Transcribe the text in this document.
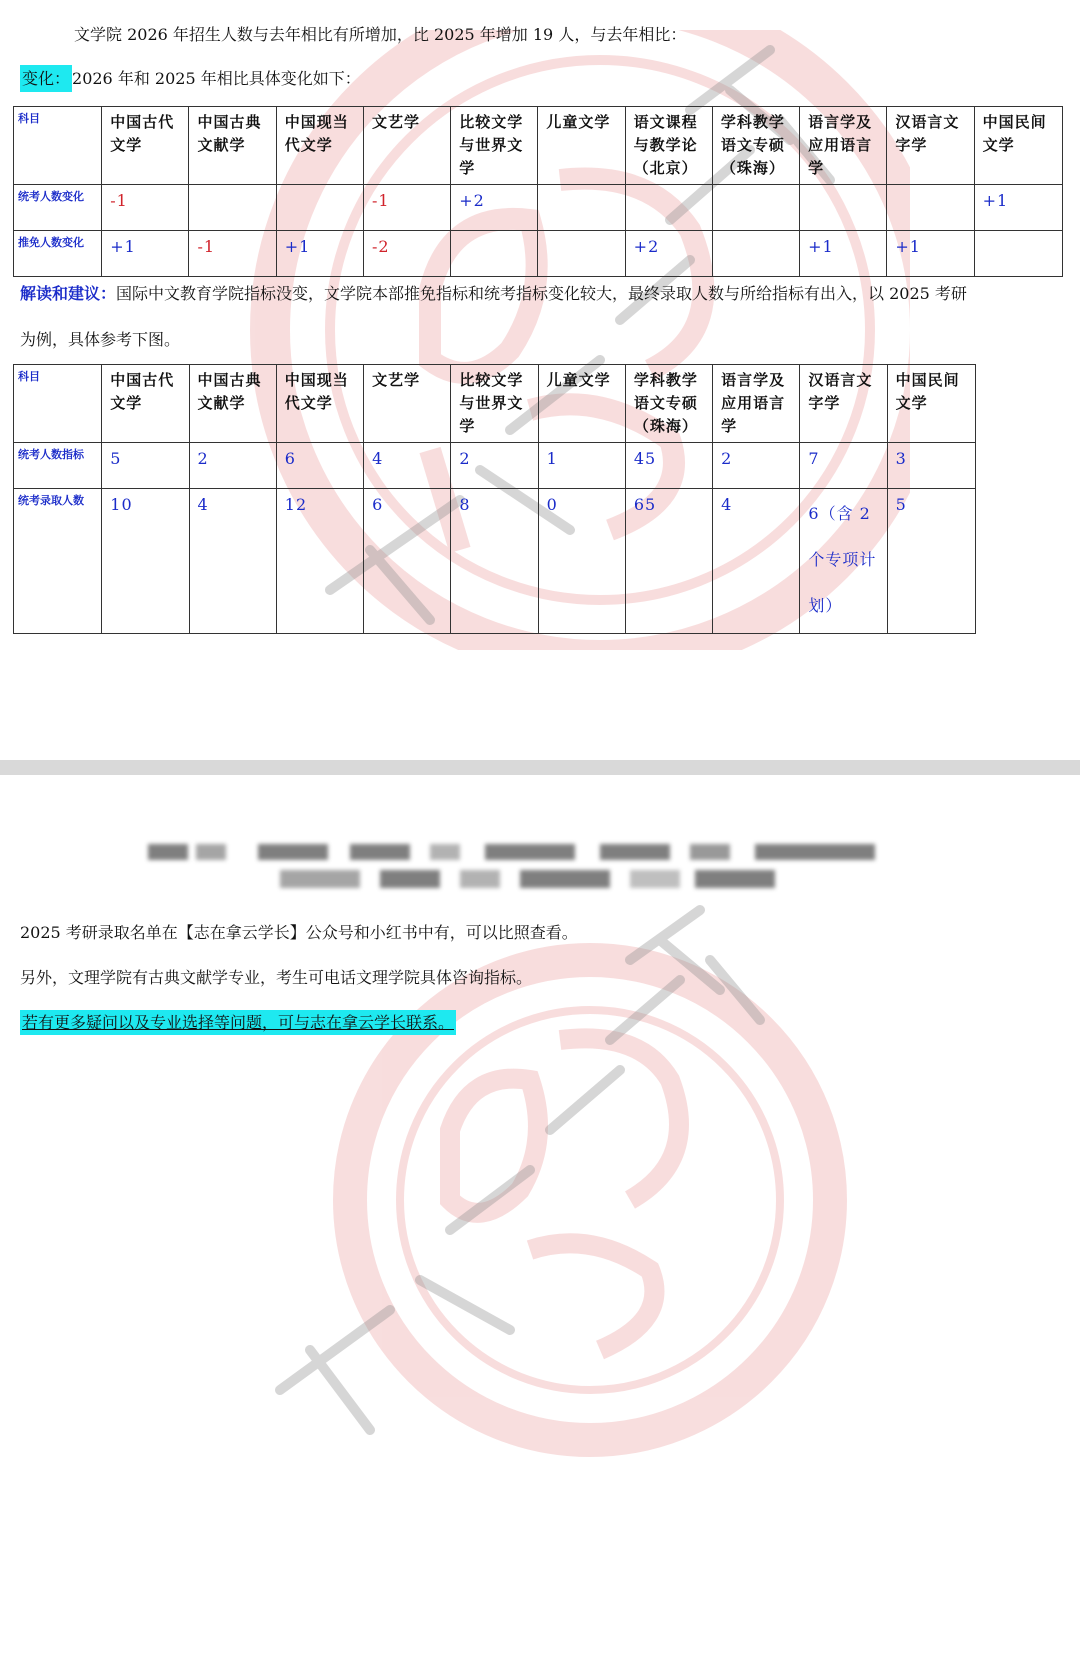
文学院 2026 年招生人数与去年相比有所增加，比 2025 年增加 19 人，与去年相比：
变化： 2026 年和 2025 年相比具体变化如下：
科目	中国古代文学	中国古典文献学	中国现当代文学	文艺学	比较文学与世界文学	儿童文学	语文课程与教学论（北京）	学科教学语文专硕（珠海）	语言学及应用语言学	汉语言文字学	中国民间文学
统考人数变化	-1			-1	+2						+1
推免人数变化	+1	-1	+1	-2			+2		+1	+1	
解读和建议：国际中文教育学院指标没变，文学院本部推免指标和统考指标变化较大，最终录取人数与所给指标有出入，以 2025 考研
为例，具体参考下图。
科目	中国古代文学	中国古典文献学	中国现当代文学	文艺学	比较文学与世界文学	儿童文学	学科教学语文专硕（珠海）	语言学及应用语言学	汉语言文字学	中国民间文学
统考人数指标	5	2	6	4	2	1	45	2	7	3
统考录取人数	10	4	12	6	8	0	65	4	6（含 2 个专项计划）	5
2025 考研录取名单在【志在拿云学长】公众号和小红书中有，可以比照查看。
另外，文理学院有古典文献学专业，考生可电话文理学院具体咨询指标。
若有更多疑问以及专业选择等问题，可与志在拿云学长联系。
